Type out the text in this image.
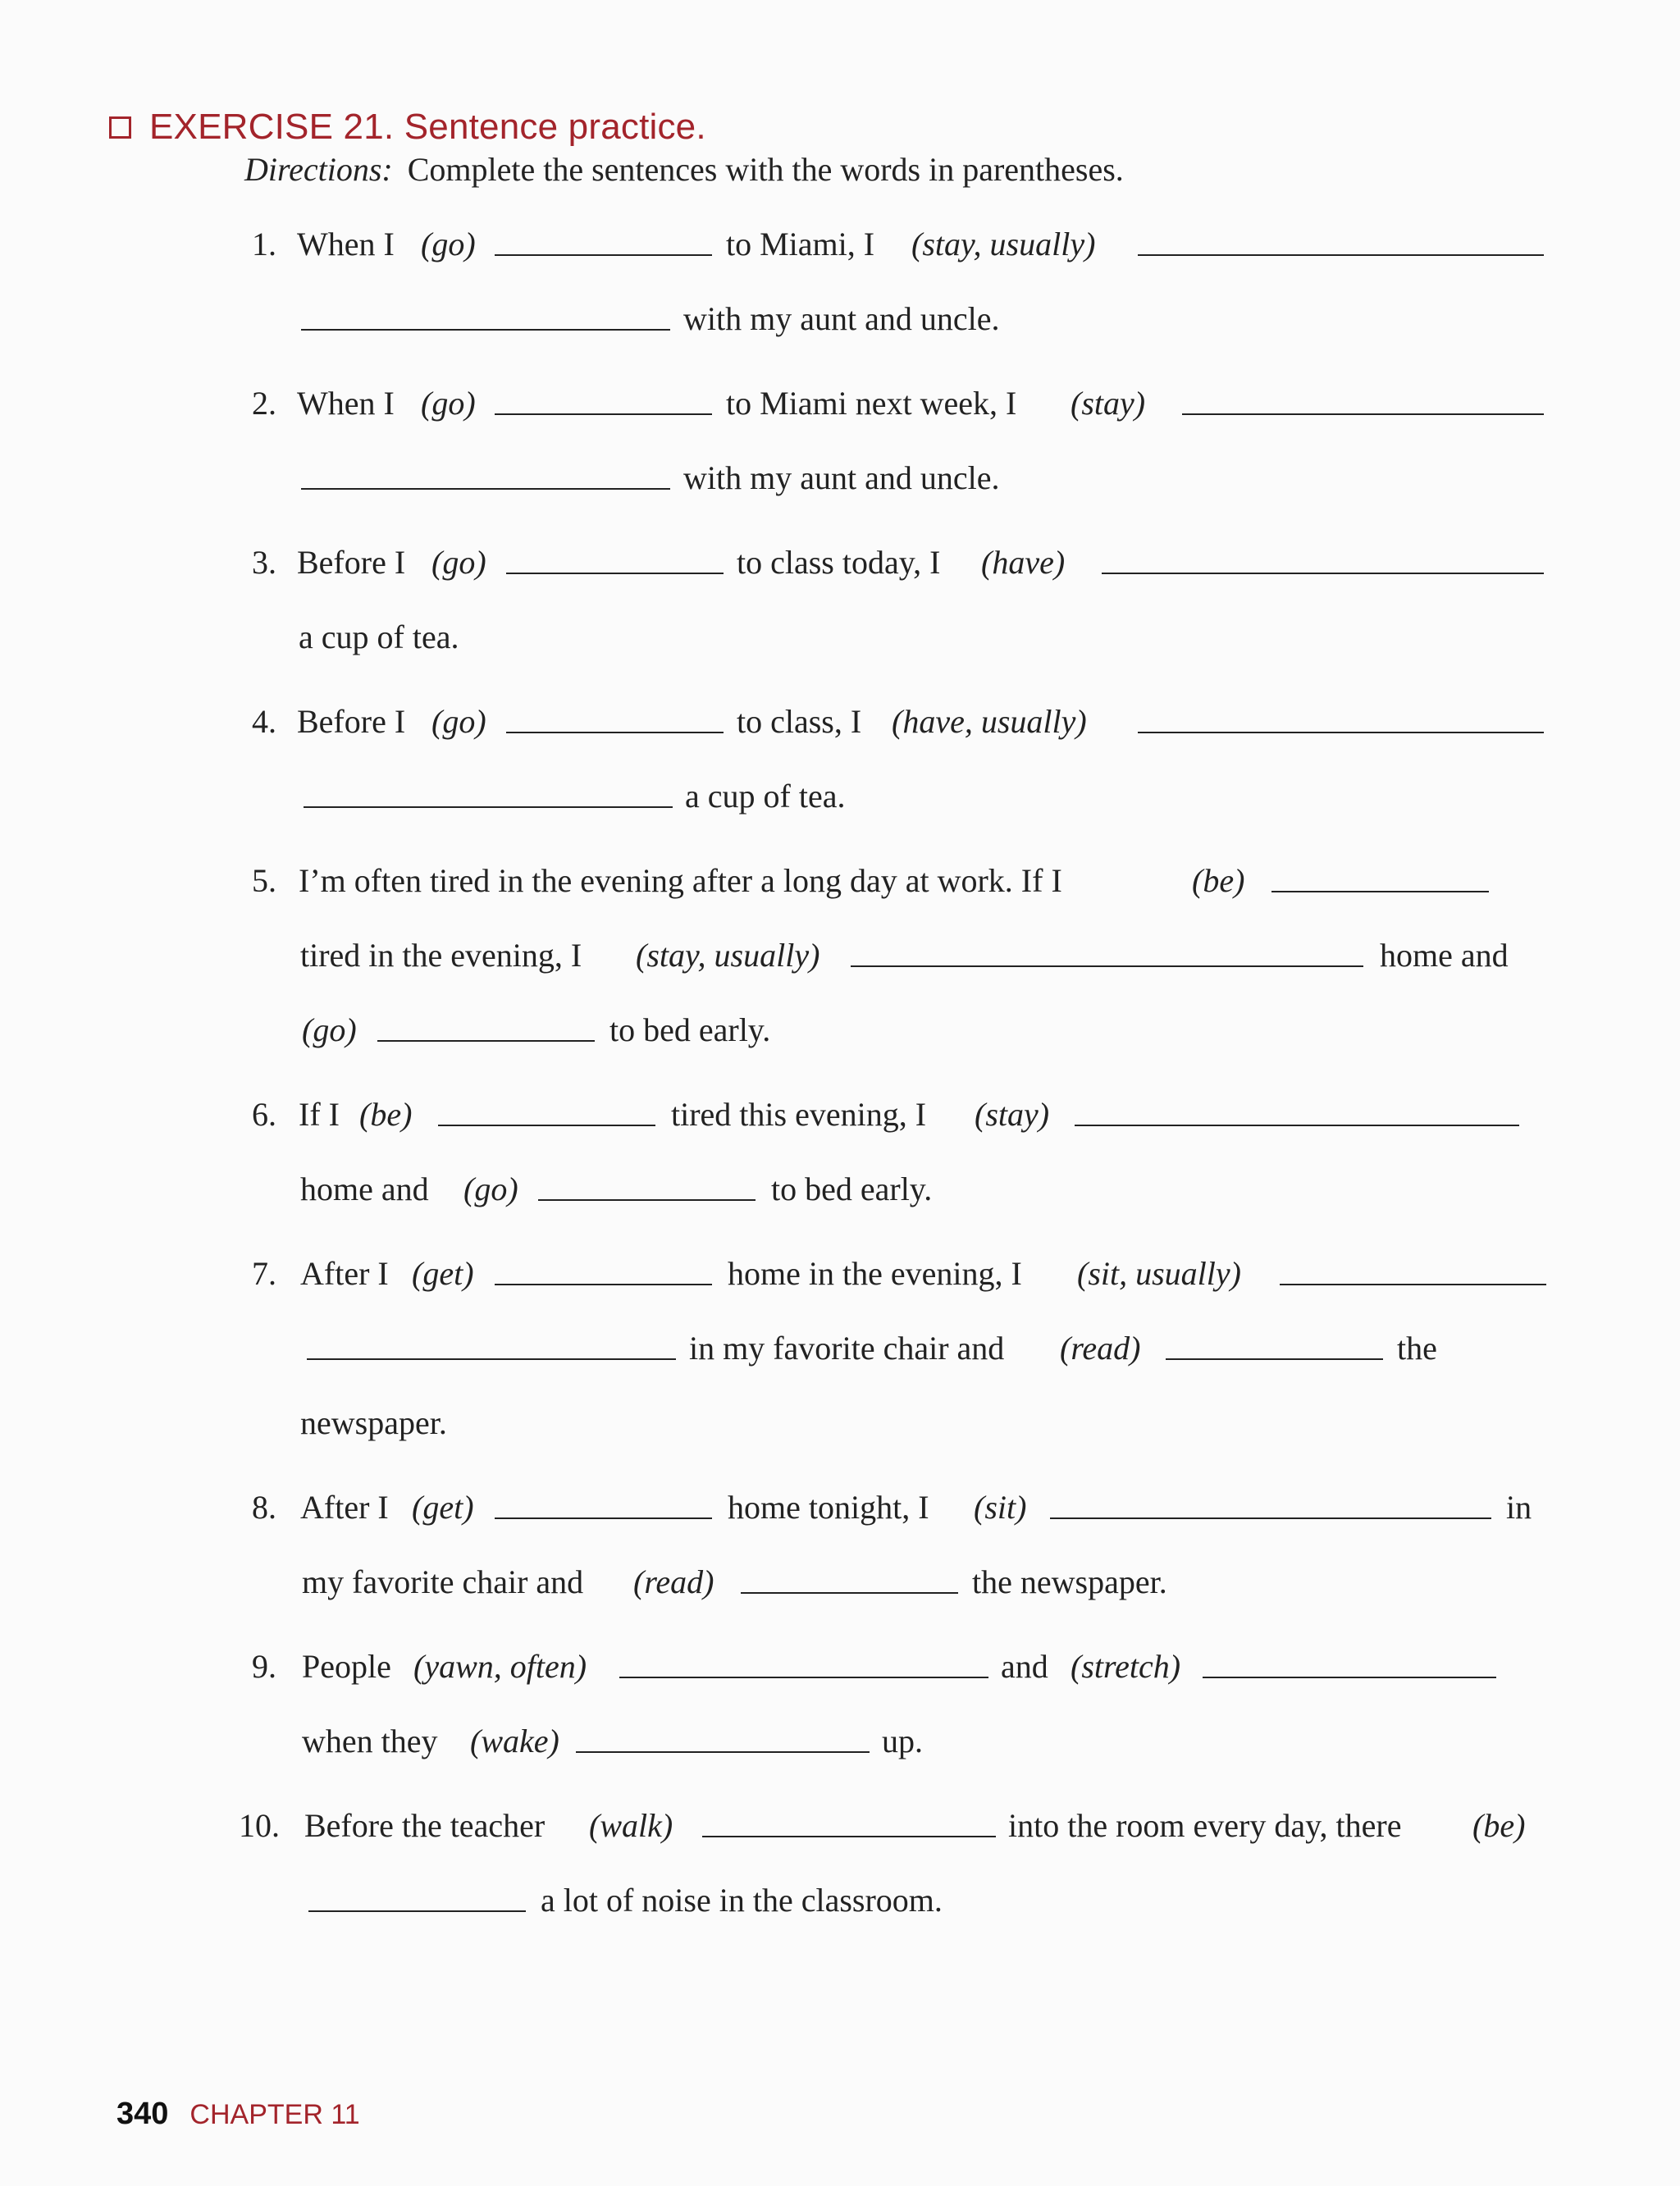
EXERCISE 21. Sentence practice.
Directions: Complete the sentences with the words in parentheses.
1. When I (go)	to Miami, I (stay, usually)
with my aunt and uncle.
2. When I (go)	to Miami next week, I (stay)
with my aunt and uncle.
3. Before I (go)	to class today, I (have)
a cup of tea.
4. Before I (go)	to class, I (have, usually)
a cup of tea.
5. I’m often tired in the evening after a long day at work. If I	(be)
tired in the evening, I (stay, usually)	home and
(go)	to bed early.
6. If I (be)	tired this evening, I (stay)
home and (go)	to bed early.
7. After I (get)	home in the evening, I (sit, usually)
in my favorite chair and (read)	the
newspaper.
8. After I (get)	home tonight, I (sit)	in
my favorite chair and (read)	the newspaper.
9. People (yawn, often)	and (stretch)
when they (wake)	up.
10. Before the teacher (walk)	into the room every day, there (be)
a lot of noise in the classroom.
340 CHAPTER 11
